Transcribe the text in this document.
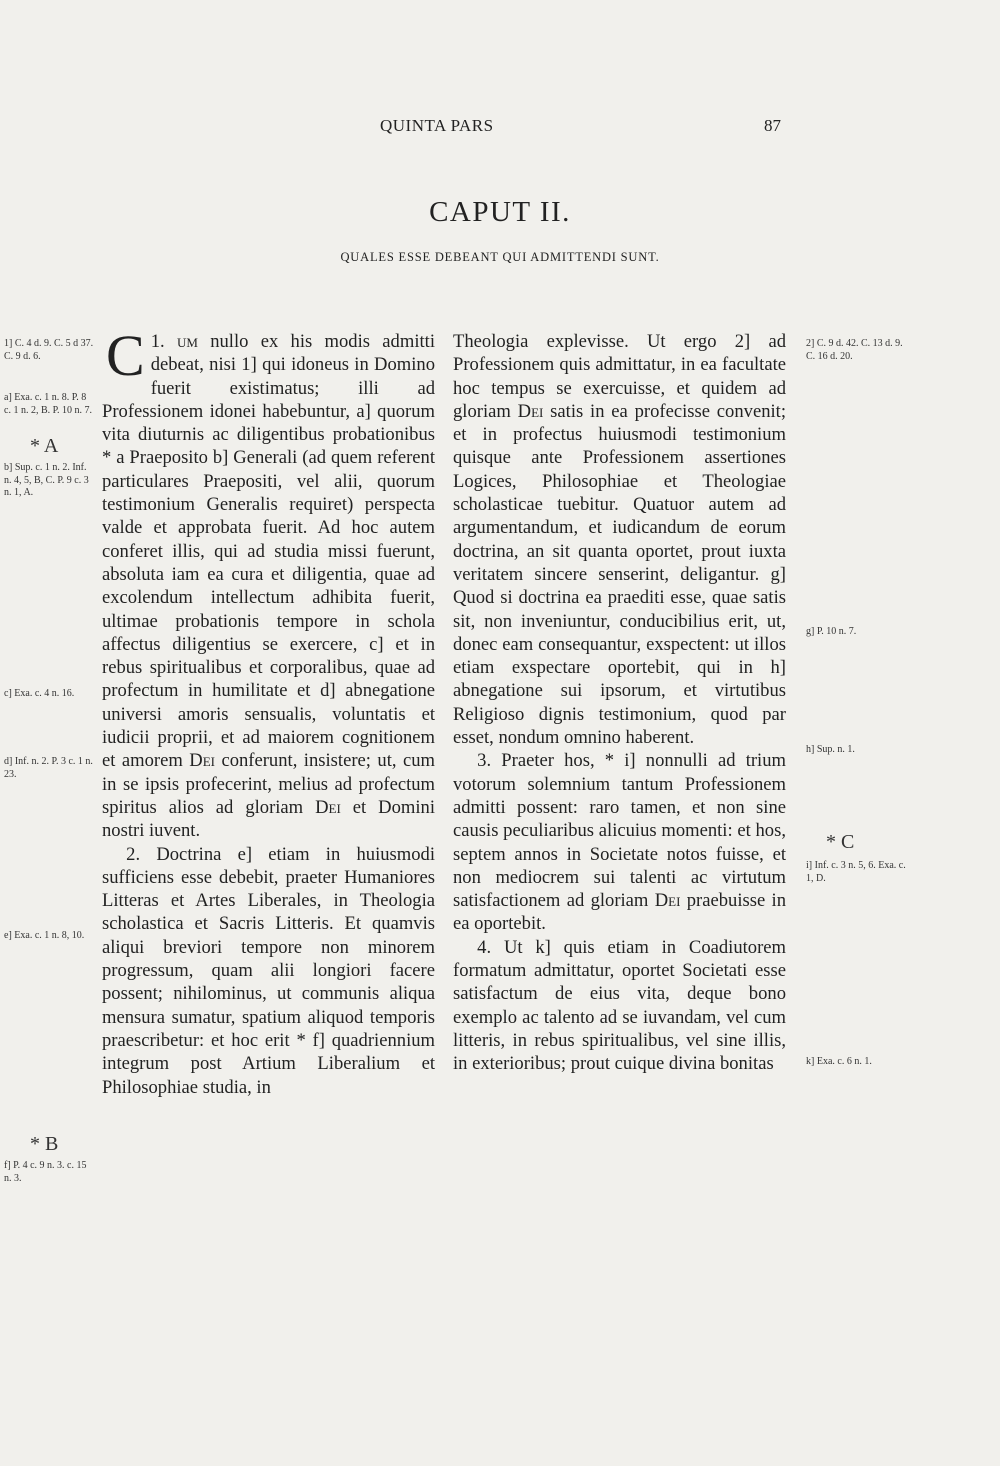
QUINTA PARS	87
CAPUT II.
QUALES ESSE DEBEANT QUI ADMITTENDI SUNT.

1.
C um nullo ex his modis admitti debeat, nisi 1] qui idoneus in Domino fuerit existimatus; illi ad Professionem idonei habebuntur, a] quorum vita diuturnis ac diligentibus probationibus * a Praeposito b] Generali (ad quem referent particulares Praepositi, vel alii, quorum testimonium Generalis requiret) perspecta valde et approbata fuerit. Ad hoc autem conferet illis, qui ad studia missi fuerunt, absoluta iam ea cura et diligentia, quae ad excolendum intellectum adhibita fuerit, ultimae probationis tempore in schola affectus diligentius se exercere, c] et in rebus spiritualibus et corporalibus, quae ad profectum in humilitate et d] abnegatione universi amoris sensualis, voluntatis et iudicii proprii, et ad maiorem cognitionem et amorem Dei conferunt, insistere; ut, cum in se ipsis profecerint, melius ad profectum spiritus alios ad gloriam Dei et Domini nostri iuvent.

2. Doctrina e] etiam in huiusmodi sufficiens esse debebit, praeter Humaniores Litteras et Artes Liberales, in Theologia scholastica et Sacris Litteris. Et quamvis aliqui breviori tempore non minorem progressum, quam alii longiori facere possent; nihilominus, ut communis aliqua mensura sumatur, spatium aliquod temporis praescribetur: et hoc erit * f] quadriennium integrum post Artium Liberalium et Philosophiae studia, in

Theologia explevisse. Ut ergo 2] ad Professionem quis admittatur, in ea facultate hoc tempus se exercuisse, et quidem ad gloriam Dei satis in ea profecisse convenit; et in profectus huiusmodi testimonium quisque ante Professionem assertiones Logices, Philosophiae et Theologiae scholasticae tuebitur. Quatuor autem ad argumentandum, et iudicandum de eorum doctrina, an sit quanta oportet, prout iuxta veritatem sincere senserint, deligantur. g] Quod si doctrina ea praediti esse, quae satis sit, non inveniuntur, conducibilius erit, ut, donec eam consequantur, exspectent: ut illos etiam exspectare oportebit, qui in h] abnegatione sui ipsorum, et virtutibus Religioso dignis testimonium, quod par esset, nondum omnino haberent.

3. Praeter hos, * i] nonnulli ad trium votorum solemnium tantum Professionem admitti possent: raro tamen, et non sine causis peculiaribus alicuius momenti: et hos, septem annos in Societate notos fuisse, et non mediocrem sui talenti ac virtutum satisfactionem ad gloriam Dei praebuisse in ea oportebit.

4. Ut k] quis etiam in Coadiutorem formatum admittatur, oportet Societati esse satisfactum de eius vita, deque bono exemplo ac talento ad se iuvandam, vel cum litteris, in rebus spiritualibus, vel sine illis, in exterioribus; prout cuique divina bonitas

1] C. 4 d. 9. C. 5 d 37. C. 9 d. 6.
a] Exa. c. 1 n. 8. P. 8 c. 1 n. 2, B. P. 10 n. 7.
* A
b] Sup. c. 1 n. 2. Inf. n. 4, 5, B, C. P. 9 c. 3 n. 1, A.
c] Exa. c. 4 n. 16.
d] Inf. n. 2. P. 3 c. 1 n. 23.
e] Exa. c. 1 n. 8, 10.
* B
f] P. 4 c. 9 n. 3. c. 15 n. 3.
2] C. 9 d. 42. C. 13 d. 9. C. 16 d. 20.
g] P. 10 n. 7.
h] Sup. n. 1.
* C
i] Inf. c. 3 n. 5, 6. Exa. c. 1, D.
k] Exa. c. 6 n. 1.
